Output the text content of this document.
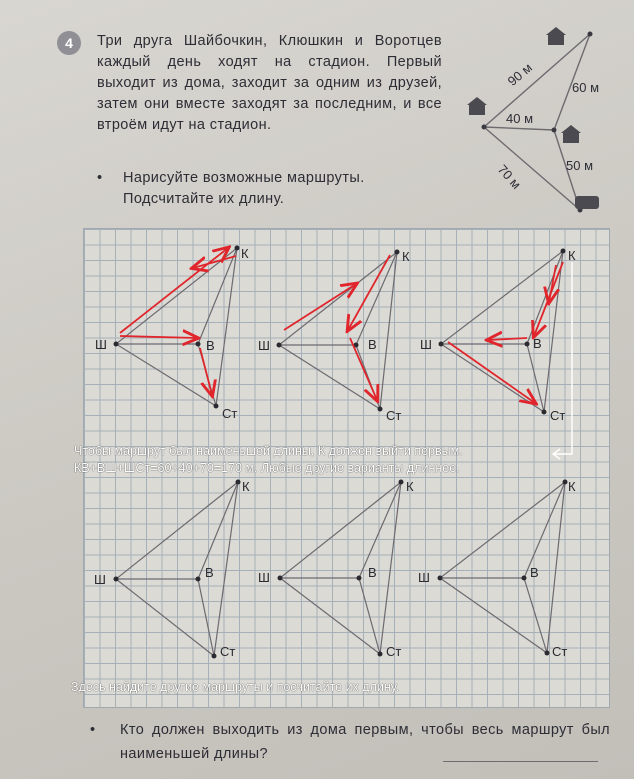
4	Три друга Шайбочкин, Клюшкин и Воротцев каждый день ходят на стадион. Первый выходит из дома, заходит за одним из друзей, затем они вместе заходят за последним, и все втроём идут на стадион.
•	Нарисуйте возможные маршруты. Подсчитайте их длину.
90 м	60 м
40 м
70 м	50 м
Ш
К
В
Ст
Ш
К
В
Ст
Ш
К
В
Ст
Ш
К
В
Ст
Ш
К
В
Ст
Ш
К
В
Ст
Чтобы маршрут был наименьшей длины, К должен выйти первым.
КВ+ВШ+ШСт=60+40+70=170 м. Любые другие варианты длиннее.
Здесь найдите другие маршруты и посчитайте их длину.
•	Кто должен выходить из дома первым, чтобы весь маршрут был наименьшей длины?
